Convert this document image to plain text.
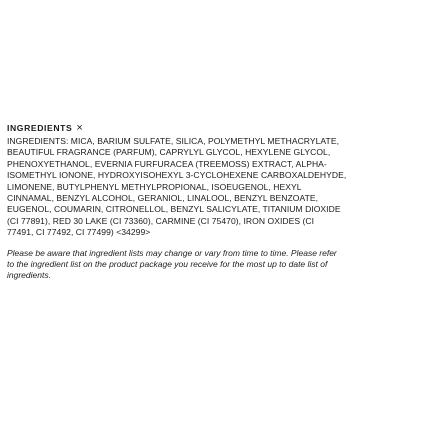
INGREDIENTS ×

INGREDIENTS: MICA, BARIUM SULFATE, SILICA, POLYMETHYL METHACRYLATE,
BEAUTIFUL FRAGRANCE (PARFUM), CAPRYLYL GLYCOL, HEXYLENE GLYCOL,
PHENOXYETHANOL, EVERNIA FURFURACEA (TREEMOSS) EXTRACT, ALPHA-
ISOMETHYL IONONE, HYDROXYISOHEXYL 3-CYCLOHEXENE CARBOXALDEHYDE,
LIMONENE, BUTYLPHENYL METHYLPROPIONAL, ISOEUGENOL, HEXYL
CINNAMAL, BENZYL ALCOHOL, GERANIOL, LINALOOL, BENZYL BENZOATE,
EUGENOL, COUMARIN, CITRONELLOL, BENZYL SALICYLATE, TITANIUM DIOXIDE
(CI 77891), RED 30 LAKE (CI 73360), CARMINE (CI 75470), IRON OXIDES (CI
77491, CI 77492, CI 77499) <34299>

Please be aware that ingredient lists may change or vary from time to time. Please refer
to the ingredient list on the product package you receive for the most up to date list of
ingredients.
